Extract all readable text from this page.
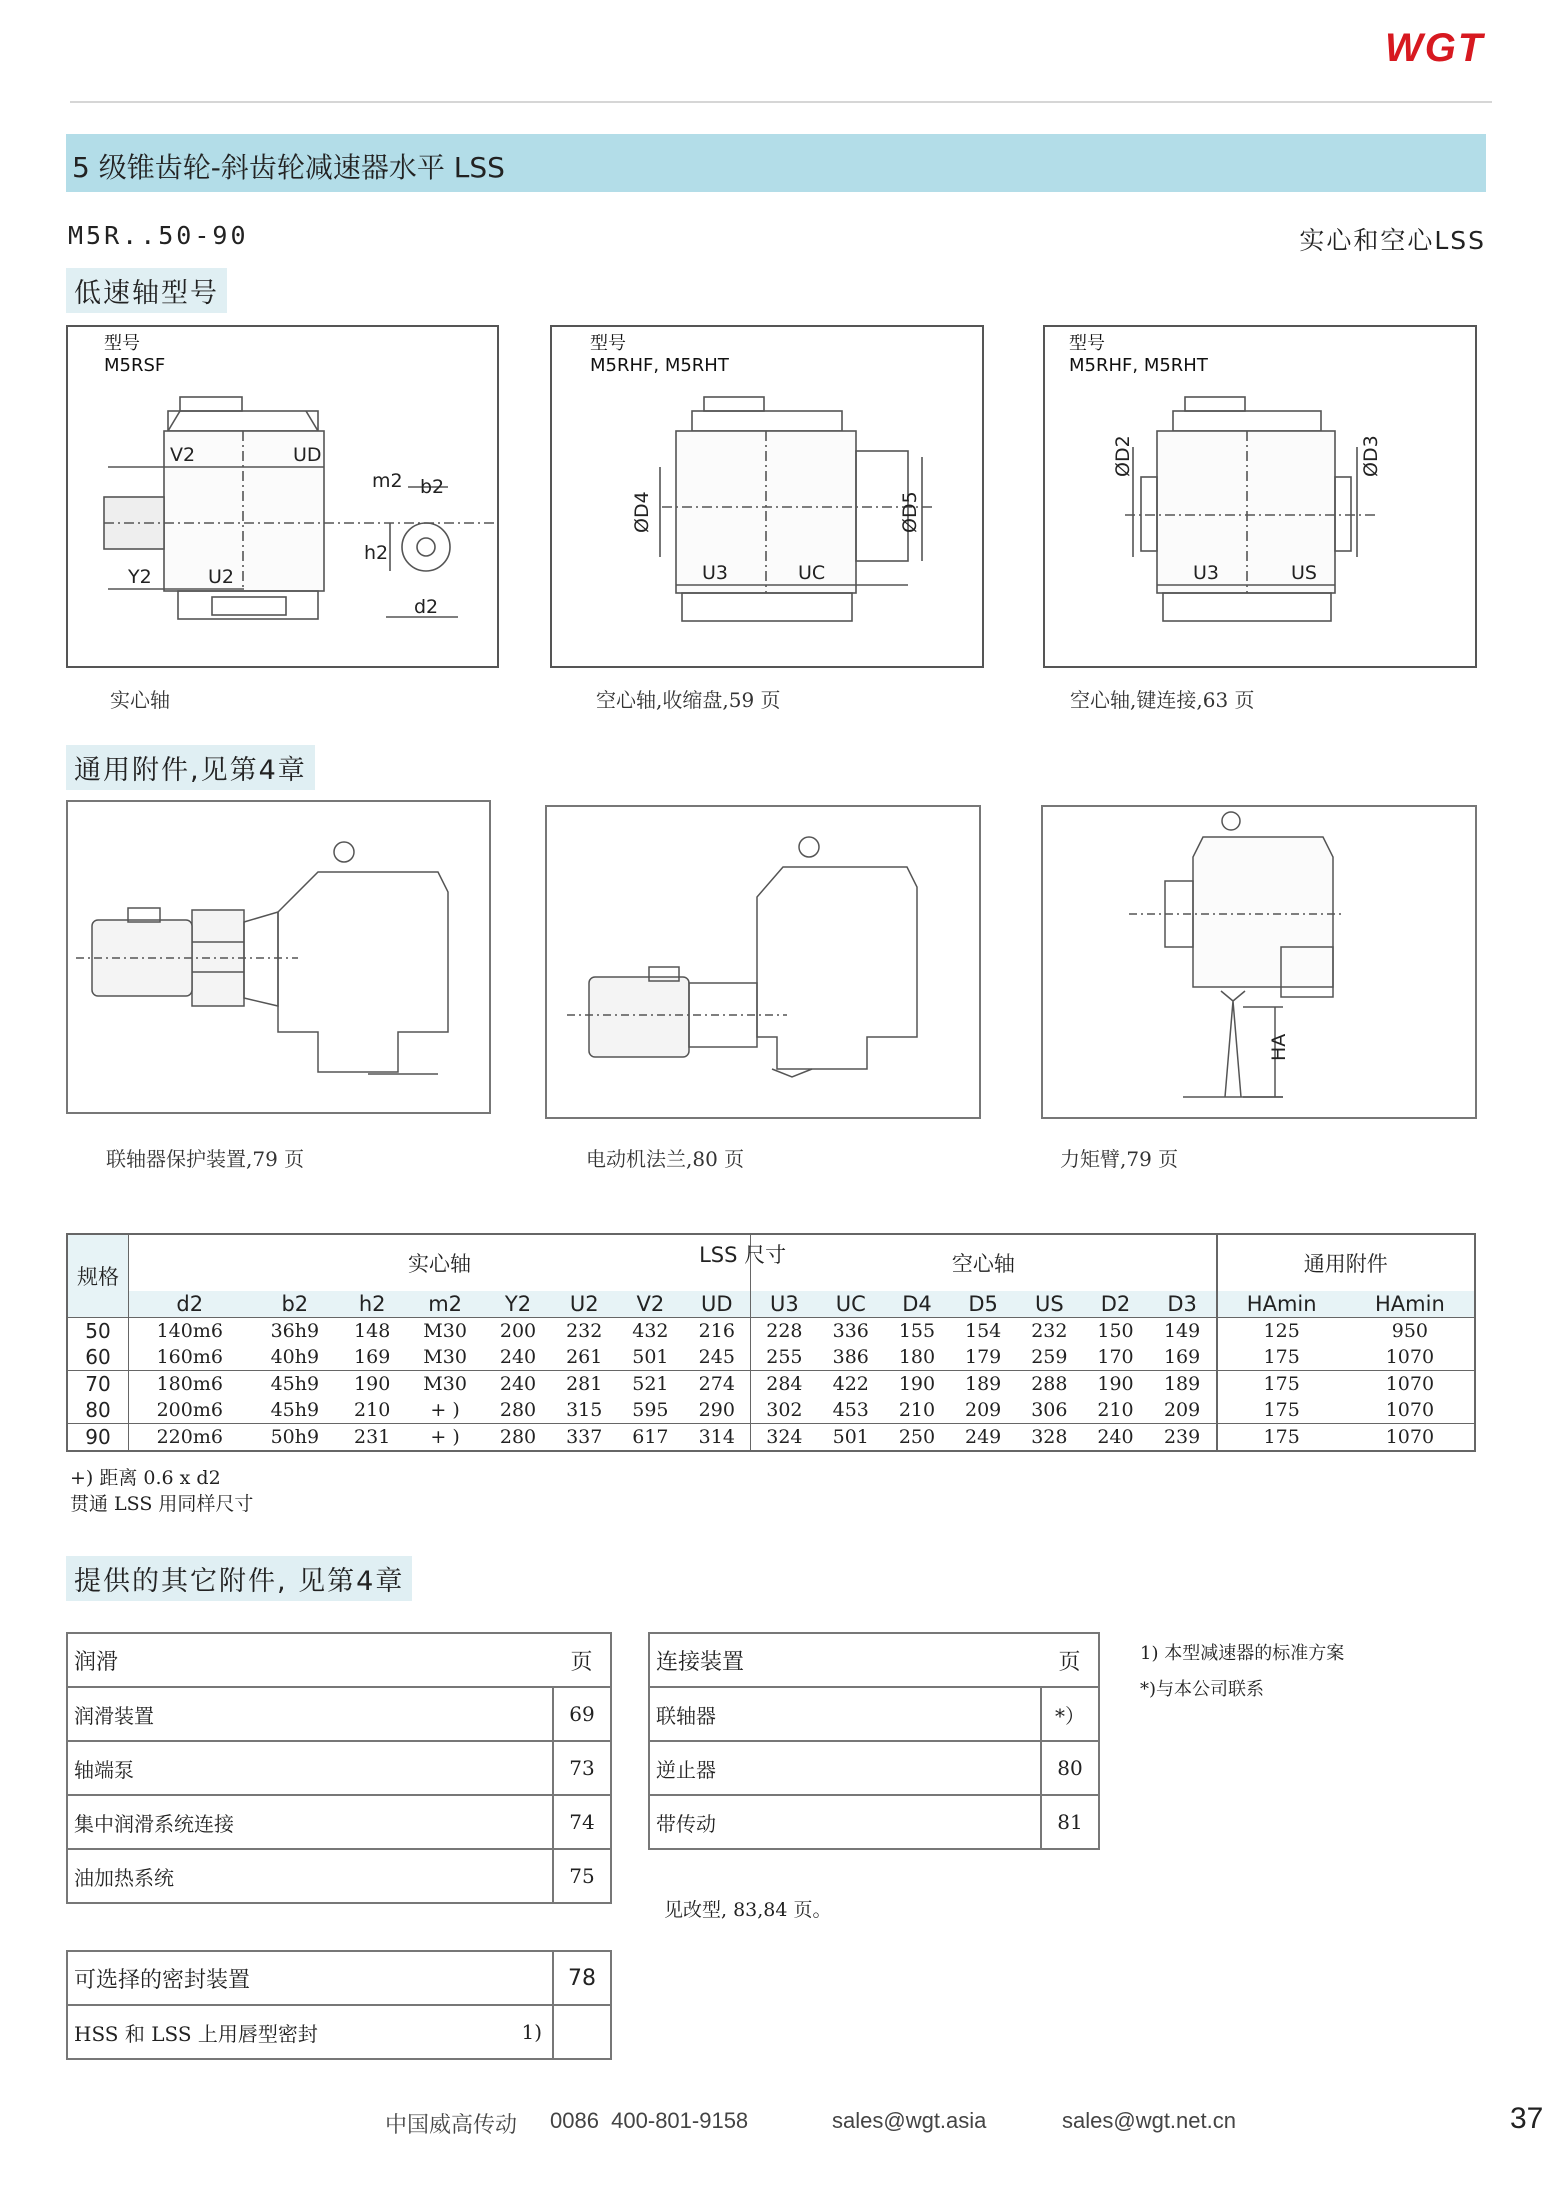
WGT
5 级锥齿轮-斜齿轮减速器水平 LSS
M5R..50-90	实心和空心LSS
低速轴型号
型号
M5RSF
V2	UD
m2 b2
h2
Y2	U2
d2
实心轴
型号
M5RHF, M5RHT
ØD4	ØD5
U3	UC
空心轴,收缩盘,59 页
型号
M5RHF, M5RHT
ØD2	ØD3
U3	US
空心轴,键连接,63 页
通用附件,见第4章
联轴器保护装置,79 页	电动机法兰,80 页
HA
力矩臂,79 页
规格	实心轴								LSS 尺寸 空心轴							通用附件	
	d2	b2	h2	m2	Y2	U2	V2	UD	U3	UC	D4	D5	US	D2	D3	HAmin	HAmin
50	140m6	36h9	148	M30	200	232	432	216	228	336	155	154	232	150	149	125	950
60	160m6	40h9	169	M30	240	261	501	245	255	386	180	179	259	170	169	175	1070
70	180m6	45h9	190	M30	240	281	521	274	284	422	190	189	288	190	189	175	1070
80	200m6	45h9	210	+ )	280	315	595	290	302	453	210	209	306	210	209	175	1070
90	220m6	50h9	231	+ )	280	337	617	314	324	501	250	249	328	240	239	175	1070
+) 距离 0.6 x d2
贯通 LSS 用同样尺寸
提供的其它附件, 见第4章
润滑	页
润滑装置	69
轴端泵	73
集中润滑系统连接	74
油加热系统	75
可选择的密封装置	78
HSS 和 LSS 上用唇型密封 1)	

连接装置	页
联轴器	*）
逆止器	80
带传动	81
见改型, 83,84 页。
1) 本型减速器的标准方案
*)与本公司联系
中国威高传动 0086  400-801-9158	sales@wgt.asia	sales@wgt.net.cn	37
